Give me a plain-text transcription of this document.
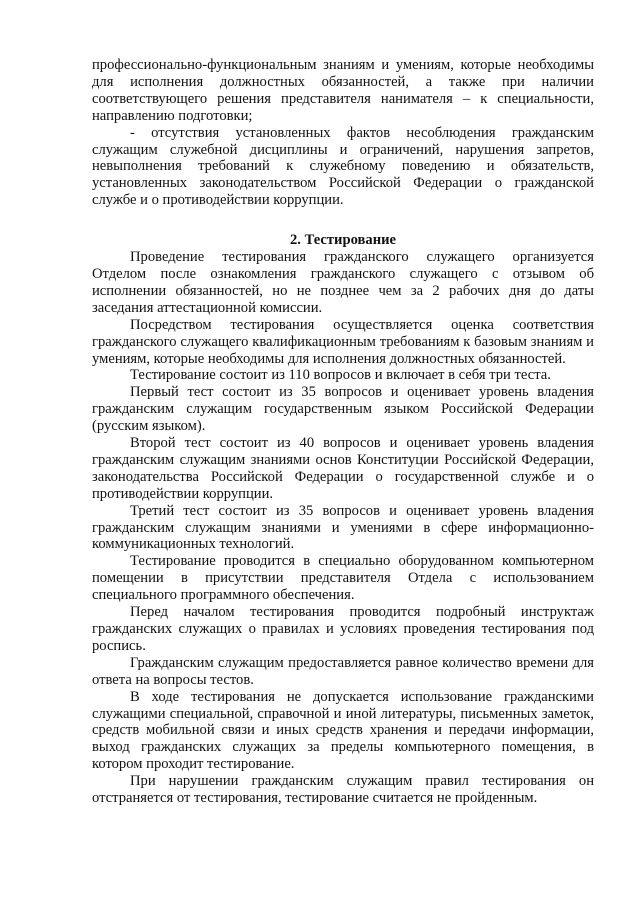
профессионально-функциональным знаниям и умениям, которые необходимы для исполнения должностных обязанностей, а также при наличии соответствующего решения представителя нанимателя – к специальности, направлению подготовки;

- отсутствия установленных фактов несоблюдения гражданским служащим служебной дисциплины и ограничений, нарушения запретов, невыполнения требований к служебному поведению и обязательств, установленных законодательством Российской Федерации о гражданской службе и о противодействии коррупции.

2. Тестирование

Проведение тестирования гражданского служащего организуется Отделом после ознакомления гражданского служащего с отзывом об исполнении обязанностей, но не позднее чем за 2 рабочих дня до даты заседания аттестационной комиссии.

Посредством тестирования осуществляется оценка соответствия гражданского служащего квалификационным требованиям к базовым знаниям и умениям, которые необходимы для исполнения должностных обязанностей.

Тестирование состоит из 110 вопросов и включает в себя три теста.

Первый тест состоит из 35 вопросов и оценивает уровень владения гражданским служащим государственным языком Российской Федерации (русским языком).

Второй тест состоит из 40 вопросов и оценивает уровень владения гражданским служащим знаниями основ Конституции Российской Федерации, законодательства Российской Федерации о государственной службе и о противодействии коррупции.

Третий тест состоит из 35 вопросов и оценивает уровень владения гражданским служащим знаниями и умениями в сфере информационно-коммуникационных технологий.

Тестирование проводится в специально оборудованном компьютерном помещении в присутствии представителя Отдела с использованием специального программного обеспечения.

Перед началом тестирования проводится подробный инструктаж гражданских служащих о правилах и условиях проведения тестирования под роспись.

Гражданским служащим предоставляется равное количество времени для ответа на вопросы тестов.

В ходе тестирования не допускается использование гражданскими служащими специальной, справочной и иной литературы, письменных заметок, средств мобильной связи и иных средств хранения и передачи информации, выход гражданских служащих за пределы компьютерного помещения, в котором проходит тестирование.

При нарушении гражданским служащим правил тестирования он отстраняется от тестирования, тестирование считается не пройденным.
